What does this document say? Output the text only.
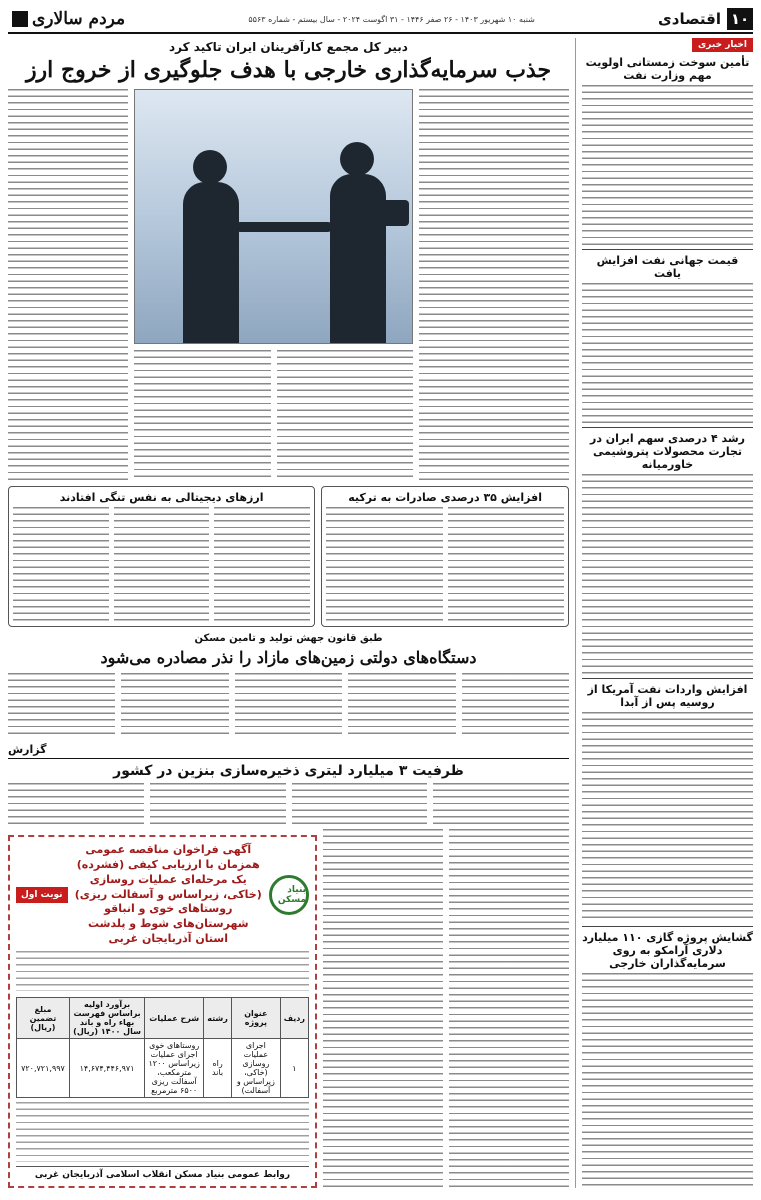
۱۰
اقتصادی
شنبه ۱۰ شهریور ۱۴۰۳ - ۲۶ صفر ۱۴۴۶ - ۳۱ اگوست ۲۰۲۴ - سال بیستم - شماره ۵۵۶۳
مردم سالاری
اخبار خبری
تأمین سوخت زمستانی اولویت مهم وزارت نفت
قیمت جهانی نفت افزایش یافت
رشد ۴ درصدی سهم ایران در تجارت محصولات پتروشیمی خاورمیانه
افزایش واردات نفت آمریکا از روسیه پس از آبدا
گشایش پروژه گازی ۱۱۰ میلیارد دلاری آرامکو به روی سرمایه‌گذاران خارجی
دبیر کل مجمع کارآفرینان ایران تاکید کرد
جذب سرمایه‌گذاری خارجی با هدف جلوگیری از خروج ارز
افزایش ۳۵ درصدی صادرات به ترکیه
ارزهای دیجیتالی به نفس تنگی افتادند
طبق قانون جهش تولید و تامین مسکن
دستگاه‌های دولتی زمین‌های مازاد را نذر مصادره می‌شود
گزارش
ظرفیت ۳ میلیارد لیتری ذخیره‌سازی بنزین در کشور
بنیاد مسکن
آگهی فراخوان مناقصه عمومی همزمان با ارزیابی کیفی (فشرده) یک مرحله‌ای عملیات روسازی (خاکی، زیراساس و آسفالت ریزی) روستاهای خوی و انباقو شهرستان‌های شوط و پلدشت استان آذربایجان غربی
نوبت اول
ردیف	عنوان پروژه	رشته	شرح عملیات	برآورد اولیه براساس فهرست بهاء راه و باند سال ۱۴۰۰ (ریال)	مبلغ تضمین (ریال)
۱	اجرای عملیات روسازی (خاکی، زیراساس و آسفالت)	راه باند	روستاهای خوی اجرای عملیات زیراساس ۱۲۰۰ مترمکعب، آسفالت ریزی ۶۵۰۰ مترمربع	۱۴,۶۷۴,۴۴۶,۹۷۱	۷۲۰,۷۲۱,۹۹۷
روابط عمومی بنیاد مسکن انقلاب اسلامی آذربایجان غربی
